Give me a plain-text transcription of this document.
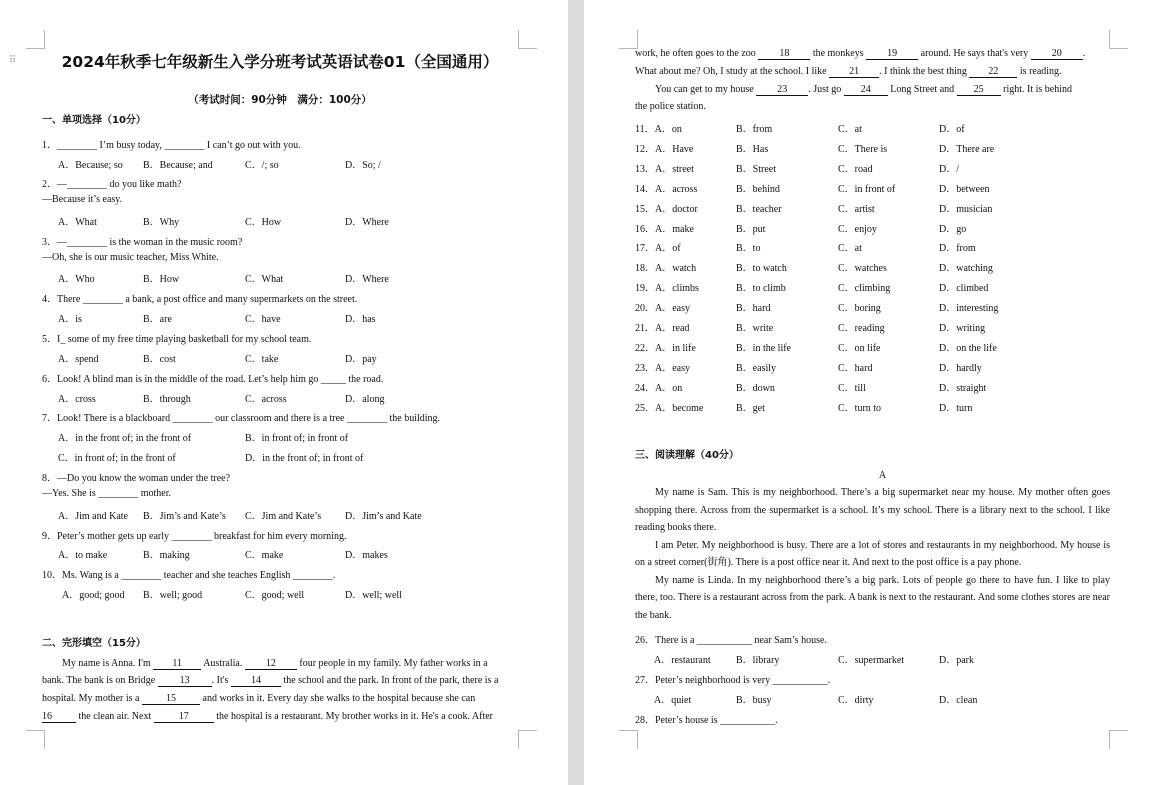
⠿	2024年秋季七年级新生入学分班考试英语试卷01（全国通用）
（考试时间：90分钟　满分：100分）
一、单项选择（10分）
1．________ I’m busy today, ________ I can’t go out with you.
A．Because; so B．Because; and	C．/; so	D．So; /
2．—________ do you like math?
—Because it’s easy.
A．What	B．Why	C．How	D．Where
3．—________ is the woman in the music room?
—Oh, she is our music teacher, Miss White.
A．Who	B．How	C．What	D．Where
4．There ________ a bank, a post office and many supermarkets on the street.
A．is	B．are	C．have	D．has
5．I_ some of my free time playing basketball for my school team.
A．spend	B．cost	C．take	D．pay
6．Look! A blind man is in the middle of the road. Let’s help him go _____ the road.
A．cross	B．through	C．across	D．along
7．Look! There is a blackboard ________ our classroom and there is a tree ________ the building.
A．in the front of; in the front of	B．in front of; in front of
C．in front of; in the front of	D．in the front of; in front of
8．—Do you know the woman under the tree?
—Yes. She is ________ mother.
A．Jim and Kate B．Jim’s and Kate’s C．Jim and Kate’s D．Jim’s and Kate
9．Peter’s mother gets up early ________ breakfast for him every morning.
A．to make	B．making	C．make	D．makes
10．Ms. Wang is a ________ teacher and she teaches English ________.
A．good; good B．well; good	C．good; well	D．well; well
二、完形填空（15分）
My name is Anna. I'm 11 Australia. 12 four people in my family. My father works in a
bank. The bank is on Bridge 13 . It's 14 the school and the park. In front of the park, there is a
hospital. My mother is a	15	and works in it. Every day she walks to the hospital because she can
16	the clean air. Next	17	the hospital is a restaurant. My brother works in it. He's a cook. After
work, he often goes to the zoo 18 the monkeys 19 around. He says that's very 20 .
What about me? Oh, I study at the school. I like 21 . I think the best thing 22 is reading.
You can get to my house 23 . Just go 24 Long Street and 25 right. It is behind
the police station.
11．A．on	B．from	C．at	D．of
12．A．Have	B．Has	C．There is	D．There are
13．A．street	B．Street	C．road	D．/
14．A．across	B．behind	C．in front of	D．between
15．A．doctor	B．teacher	C．artist	D．musician
16．A．make	B．put	C．enjoy	D．go
17．A．of	B．to	C．at	D．from
18．A．watch	B．to watch	C．watches	D．watching
19．A．climbs	B．to climb	C．climbing	D．climbed
20．A．easy	B．hard	C．boring	D．interesting
21．A．read	B．write	C．reading	D．writing
22．A．in life	B．in the life	C．on life	D．on the life
23．A．easy	B．easily	C．hard	D．hardly
24．A．on	B．down	C．till	D．straight
25．A．become	B．get	C．turn to	D．turn
三、阅读理解（40分）
A

My name is Sam. This is my neighborhood. There’s a big supermarket near my house. My mother often goes shopping there. Across from the supermarket is a school. It’s my school. There is a library next to the school. I like reading books there.

I am Peter. My neighborhood is busy. There are a lot of stores and restaurants in my neighborhood. My house is on a street corner(街角). There is a post office near it. And next to the post office is a pay phone.

My name is Linda. In my neighborhood there’s a big park. Lots of people go there to have fun. I like to play there, too. There is a restaurant across from the park. A bank is next to the restaurant. And some clothes stores are near the bank.

26．There is a ___________ near Sam’s house.
A．restaurant	B．library	C．supermarket	D．park
27．Peter’s neighborhood is very ___________.
A．quiet	B．busy	C．dirty	D．clean
28．Peter’s house is ___________.
